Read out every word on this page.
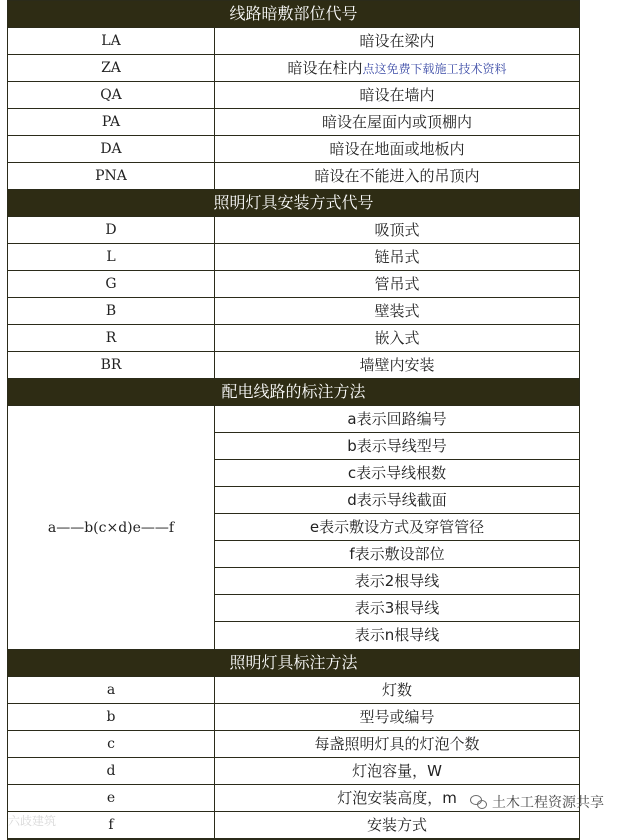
线路暗敷部位代号
LA	暗设在梁内
ZA	暗设在柱内点这免费下载施工技术资料
QA	暗设在墙内
PA	暗设在屋面内或顶棚内
DA	暗设在地面或地板内
PNA	暗设在不能进入的吊顶内
照明灯具安装方式代号
D	吸顶式
L	链吊式
G	管吊式
B	壁装式
R	嵌入式
BR	墙壁内安装
配电线路的标注方法
a——b(c×d)e——f
a表示回路编号
b表示导线型号
c表示导线根数
d表示导线截面
e表示敷设方式及穿管管径
f表示敷设部位
表示2根导线
表示3根导线
表示n根导线
照明灯具标注方法
a	灯数
b	型号或编号
c	每盏照明灯具的灯泡个数
d	灯泡容量，W
e	灯泡安装高度，m
f	安装方式
六歧建筑
土木工程资源共享
